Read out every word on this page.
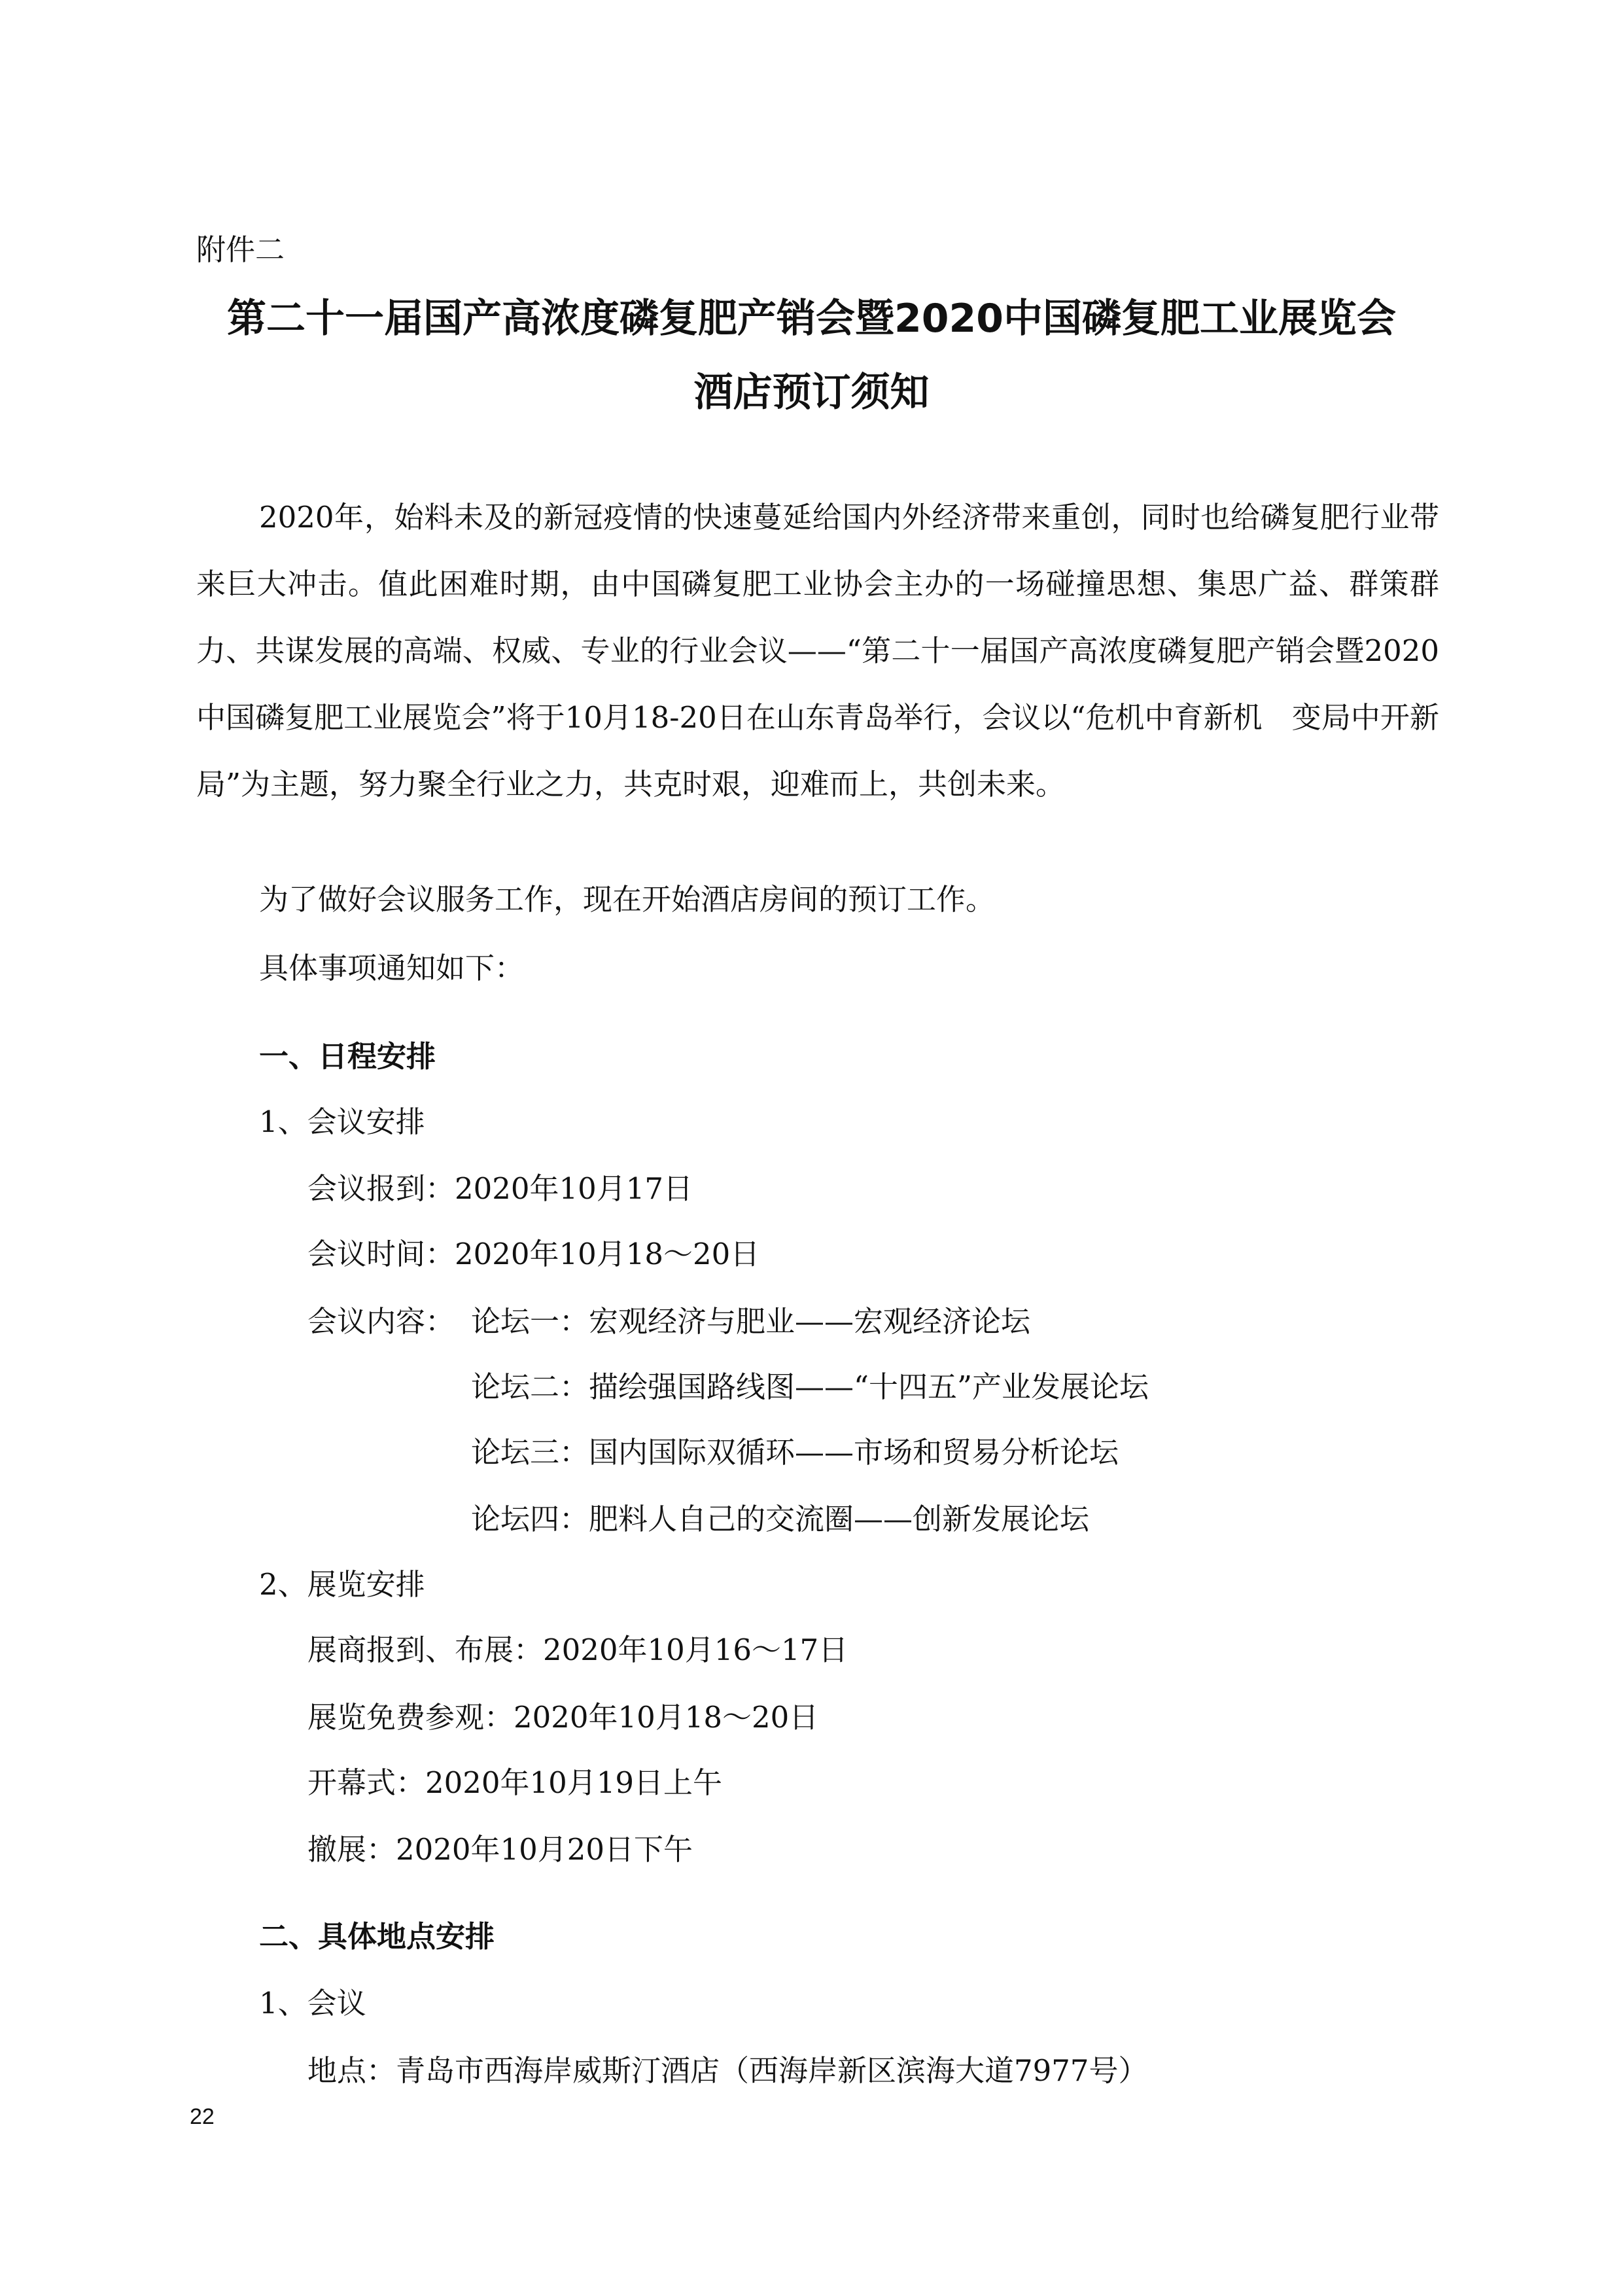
附件二
第二十一届国产高浓度磷复肥产销会暨2020中国磷复肥工业展览会
酒店预订须知
2020年，始料未及的新冠疫情的快速蔓延给国内外经济带来重创，同时也给磷复肥行业带来巨大冲击。值此困难时期，由中国磷复肥工业协会主办的一场碰撞思想、集思广益、群策群力、共谋发展的高端、权威、专业的行业会议——“第二十一届国产高浓度磷复肥产销会暨2020中国磷复肥工业展览会”将于10月18-20日在山东青岛举行，会议以“危机中育新机　变局中开新局”为主题，努力聚全行业之力，共克时艰，迎难而上，共创未来。
为了做好会议服务工作，现在开始酒店房间的预订工作。
具体事项通知如下：
一、日程安排
1、会议安排
会议报到：2020年10月17日
会议时间：2020年10月18～20日
会议内容： 论坛一：宏观经济与肥业——宏观经济论坛
论坛二：描绘强国路线图——“十四五”产业发展论坛
论坛三：国内国际双循环——市场和贸易分析论坛
论坛四：肥料人自己的交流圈——创新发展论坛
2、展览安排
展商报到、布展：2020年10月16～17日
展览免费参观：2020年10月18～20日
开幕式：2020年10月19日上午
撤展：2020年10月20日下午
二、具体地点安排
1、会议
地点：青岛市西海岸威斯汀酒店（西海岸新区滨海大道7977号）
22
